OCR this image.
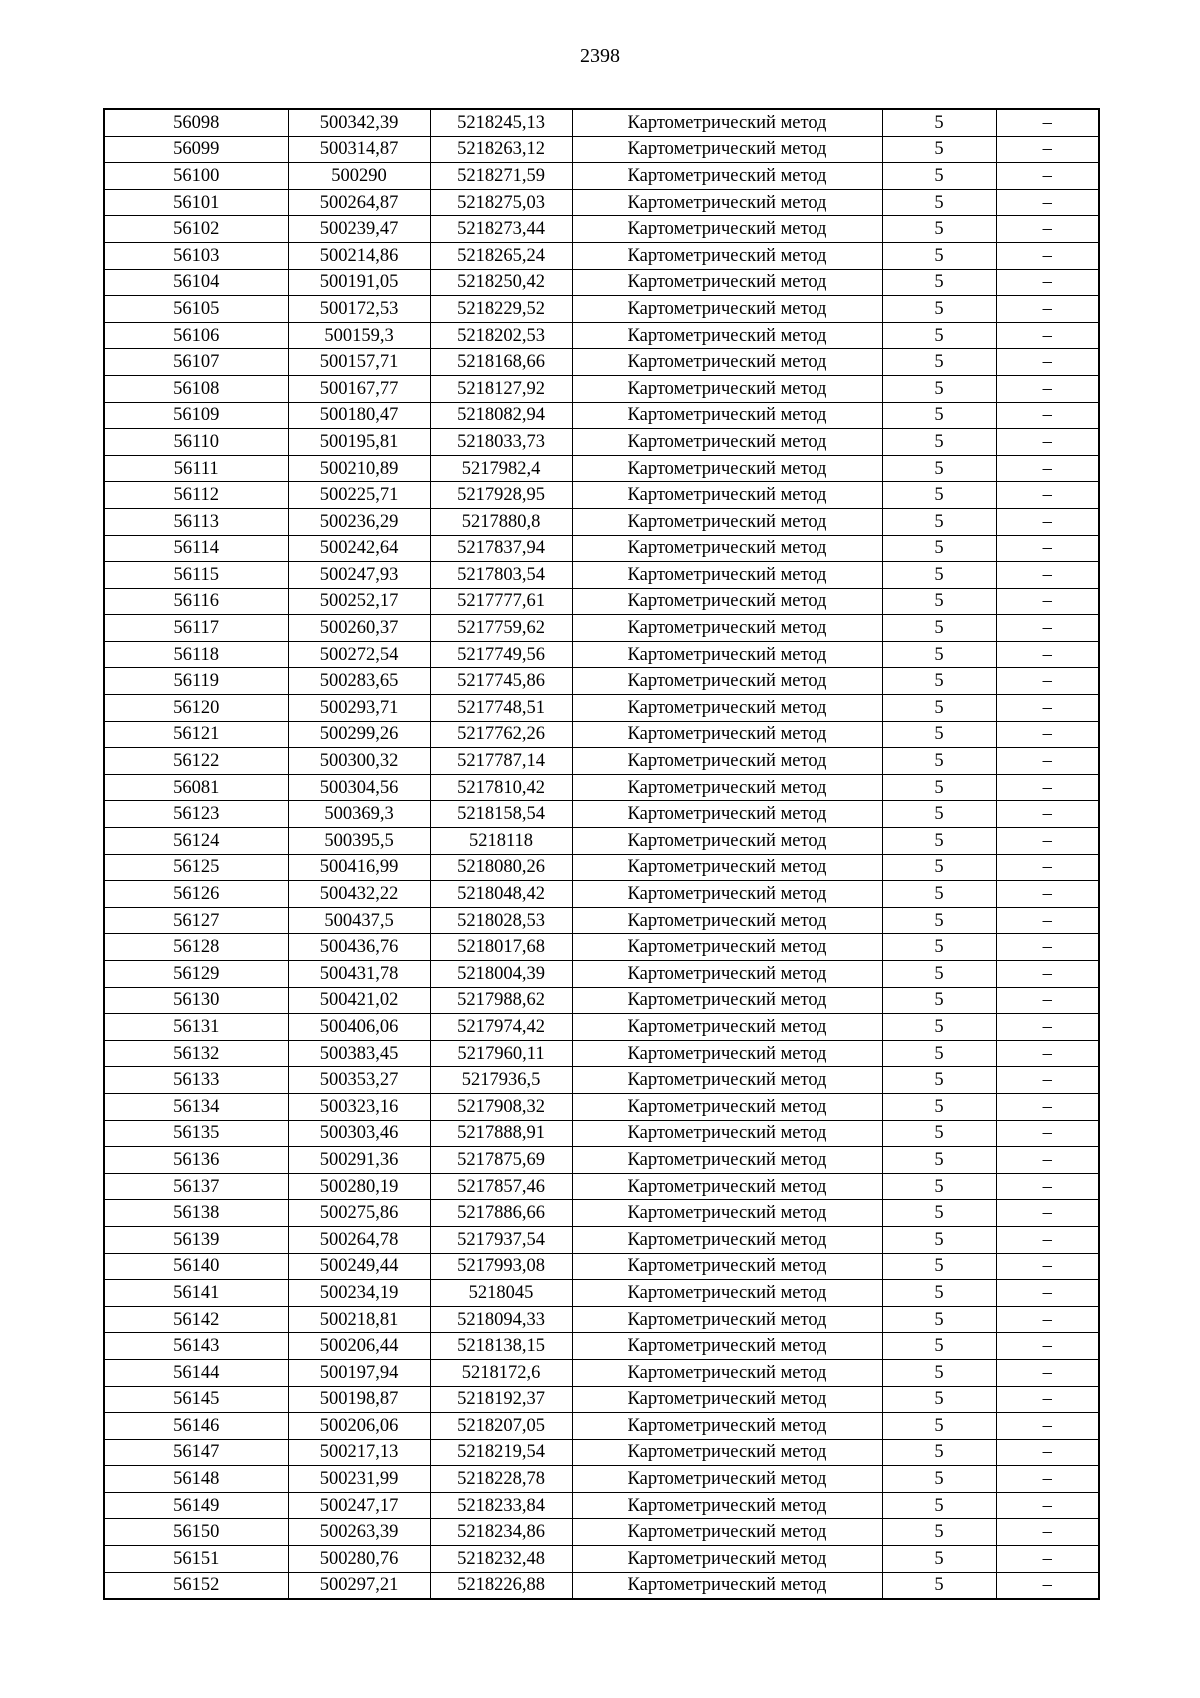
2398
56098	500342,39	5218245,13	Картометрический метод	5	–
56099	500314,87	5218263,12	Картометрический метод	5	–
56100	500290	5218271,59	Картометрический метод	5	–
56101	500264,87	5218275,03	Картометрический метод	5	–
56102	500239,47	5218273,44	Картометрический метод	5	–
56103	500214,86	5218265,24	Картометрический метод	5	–
56104	500191,05	5218250,42	Картометрический метод	5	–
56105	500172,53	5218229,52	Картометрический метод	5	–
56106	500159,3	5218202,53	Картометрический метод	5	–
56107	500157,71	5218168,66	Картометрический метод	5	–
56108	500167,77	5218127,92	Картометрический метод	5	–
56109	500180,47	5218082,94	Картометрический метод	5	–
56110	500195,81	5218033,73	Картометрический метод	5	–
56111	500210,89	5217982,4	Картометрический метод	5	–
56112	500225,71	5217928,95	Картометрический метод	5	–
56113	500236,29	5217880,8	Картометрический метод	5	–
56114	500242,64	5217837,94	Картометрический метод	5	–
56115	500247,93	5217803,54	Картометрический метод	5	–
56116	500252,17	5217777,61	Картометрический метод	5	–
56117	500260,37	5217759,62	Картометрический метод	5	–
56118	500272,54	5217749,56	Картометрический метод	5	–
56119	500283,65	5217745,86	Картометрический метод	5	–
56120	500293,71	5217748,51	Картометрический метод	5	–
56121	500299,26	5217762,26	Картометрический метод	5	–
56122	500300,32	5217787,14	Картометрический метод	5	–
56081	500304,56	5217810,42	Картометрический метод	5	–
56123	500369,3	5218158,54	Картометрический метод	5	–
56124	500395,5	5218118	Картометрический метод	5	–
56125	500416,99	5218080,26	Картометрический метод	5	–
56126	500432,22	5218048,42	Картометрический метод	5	–
56127	500437,5	5218028,53	Картометрический метод	5	–
56128	500436,76	5218017,68	Картометрический метод	5	–
56129	500431,78	5218004,39	Картометрический метод	5	–
56130	500421,02	5217988,62	Картометрический метод	5	–
56131	500406,06	5217974,42	Картометрический метод	5	–
56132	500383,45	5217960,11	Картометрический метод	5	–
56133	500353,27	5217936,5	Картометрический метод	5	–
56134	500323,16	5217908,32	Картометрический метод	5	–
56135	500303,46	5217888,91	Картометрический метод	5	–
56136	500291,36	5217875,69	Картометрический метод	5	–
56137	500280,19	5217857,46	Картометрический метод	5	–
56138	500275,86	5217886,66	Картометрический метод	5	–
56139	500264,78	5217937,54	Картометрический метод	5	–
56140	500249,44	5217993,08	Картометрический метод	5	–
56141	500234,19	5218045	Картометрический метод	5	–
56142	500218,81	5218094,33	Картометрический метод	5	–
56143	500206,44	5218138,15	Картометрический метод	5	–
56144	500197,94	5218172,6	Картометрический метод	5	–
56145	500198,87	5218192,37	Картометрический метод	5	–
56146	500206,06	5218207,05	Картометрический метод	5	–
56147	500217,13	5218219,54	Картометрический метод	5	–
56148	500231,99	5218228,78	Картометрический метод	5	–
56149	500247,17	5218233,84	Картометрический метод	5	–
56150	500263,39	5218234,86	Картометрический метод	5	–
56151	500280,76	5218232,48	Картометрический метод	5	–
56152	500297,21	5218226,88	Картометрический метод	5	–
